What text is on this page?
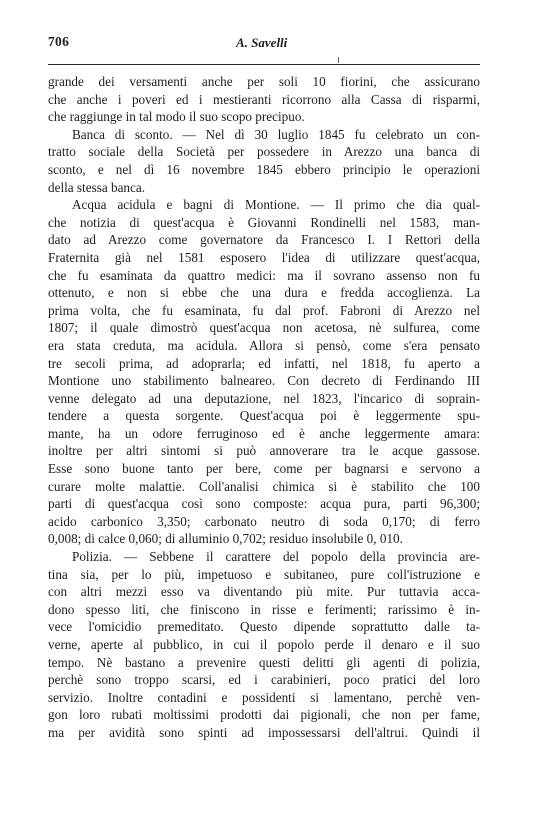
706	A. Savelli
grande dei versamenti anche per soli 10 fiorini, che assicurano
che anche i poveri ed i mestieranti ricorrono alla Cassa di risparmi,
che raggiunge in tal modo il suo scopo precipuo.
Banca di sconto. — Nel dì 30 luglio 1845 fu celebrato un con-
tratto sociale della Società per possedere in Arezzo una banca di
sconto, e nel dì 16 novembre 1845 ebbero principio le operazioni
della stessa banca.
Acqua acidula e bagni di Montione. — Il primo che dia qual-
che notizia di quest'acqua è Giovanni Rondinelli nel 1583, man-
dato ad Arezzo come governatore da Francesco I. I Rettori della
Fraternita già nel 1581 esposero l'idea di utilizzare quest'acqua,
che fu esaminata da quattro medici: ma il sovrano assenso non fu
ottenuto, e non si ebbe che una dura e fredda accoglienza. La
prima volta, che fu esaminata, fu dal prof. Fabroni di Arezzo nel
1807; il quale dimostrò quest'acqua non acetosa, nè sulfurea, come
era stata creduta, ma acidula. Allora si pensò, come s'era pensato
tre secoli prima, ad adoprarla; ed infatti, nel 1818, fu aperto a
Montione uno stabilimento balneareo. Con decreto di Ferdinando III
venne delegato ad una deputazione, nel 1823, l'incarico di soprain-
tendere a questa sorgente. Quest'acqua poi è leggermente spu-
mante, ha un odore ferruginoso ed è anche leggermente amara:
inoltre per altri sintomi si può annoverare tra le acque gassose.
Esse sono buone tanto per bere, come per bagnarsi e servono a
curare molte malattie. Coll'analisi chimica si è stabilito che 100
parti di quest'acqua così sono composte: acqua pura, parti 96,300;
acido carbonico 3,350; carbonato neutro di soda 0,170; di ferro
0,008; di calce 0,060; di alluminio 0,702; residuo insolubile 0, 010.
Polizia. — Sebbene il carattere del popolo della provincia are-
tina sia, per lo più, impetuoso e subitaneo, pure coll'istruzione e
con altri mezzi esso va diventando più mite. Pur tuttavia acca-
dono spesso liti, che finiscono in risse e ferimenti; rarissimo è in-
vece l'omicidio premeditato. Questo dipende soprattutto dalle ta-
verne, aperte al pubblico, in cui il popolo perde il denaro e il suo
tempo. Nè bastano a prevenire questi delitti gli agenti di polizia,
perchè sono troppo scarsi, ed i carabinieri, poco pratici del loro
servizio. Inoltre contadini e possidenti si lamentano, perchè ven-
gon loro rubati moltissimi prodotti dai pigionali, che non per fame,
ma per avidità sono spinti ad impossessarsi dell'altrui. Quindi il
